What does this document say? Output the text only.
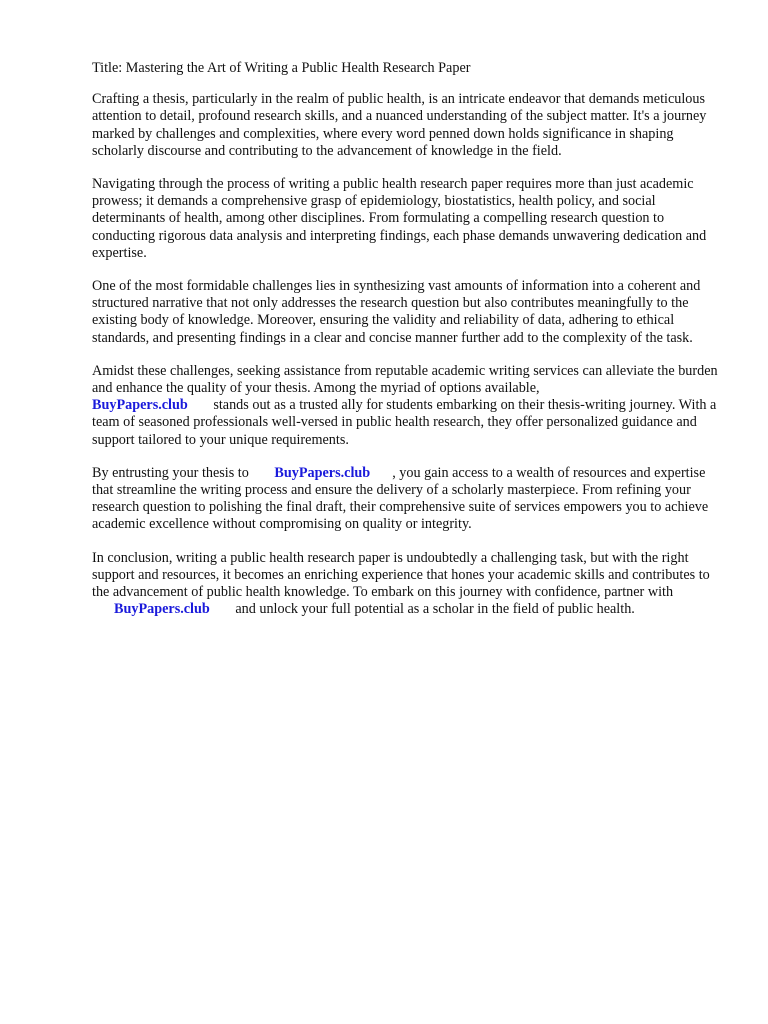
Title: Mastering the Art of Writing a Public Health Research Paper

Crafting a thesis, particularly in the realm of public health, is an intricate endeavor that demands meticulous attention to detail, profound research skills, and a nuanced understanding of the subject matter. It's a journey marked by challenges and complexities, where every word penned down holds significance in shaping scholarly discourse and contributing to the advancement of knowledge in the field.

Navigating through the process of writing a public health research paper requires more than just academic prowess; it demands a comprehensive grasp of epidemiology, biostatistics, health policy, and social determinants of health, among other disciplines. From formulating a compelling research question to conducting rigorous data analysis and interpreting findings, each phase demands unwavering dedication and expertise.

One of the most formidable challenges lies in synthesizing vast amounts of information into a coherent and structured narrative that not only addresses the research question but also contributes meaningfully to the existing body of knowledge. Moreover, ensuring the validity and reliability of data, adhering to ethical standards, and presenting findings in a clear and concise manner further add to the complexity of the task.

Amidst these challenges, seeking assistance from reputable academic writing services can alleviate the burden and enhance the quality of your thesis. Among the myriad of options available,
BuyPapers.club stands out as a trusted ally for students embarking on their thesis-writing journey. With a team of seasoned professionals well-versed in public health research, they offer personalized guidance and support tailored to your unique requirements.

By entrusting your thesis to BuyPapers.club , you gain access to a wealth of resources and expertise that streamline the writing process and ensure the delivery of a scholarly masterpiece. From refining your research question to polishing the final draft, their comprehensive suite of services empowers you to achieve academic excellence without compromising on quality or integrity.

In conclusion, writing a public health research paper is undoubtedly a challenging task, but with the right support and resources, it becomes an enriching experience that hones your academic skills and contributes to the advancement of public health knowledge. To embark on this journey with confidence, partner with BuyPapers.club and unlock your full potential as a scholar in the field of public health.
